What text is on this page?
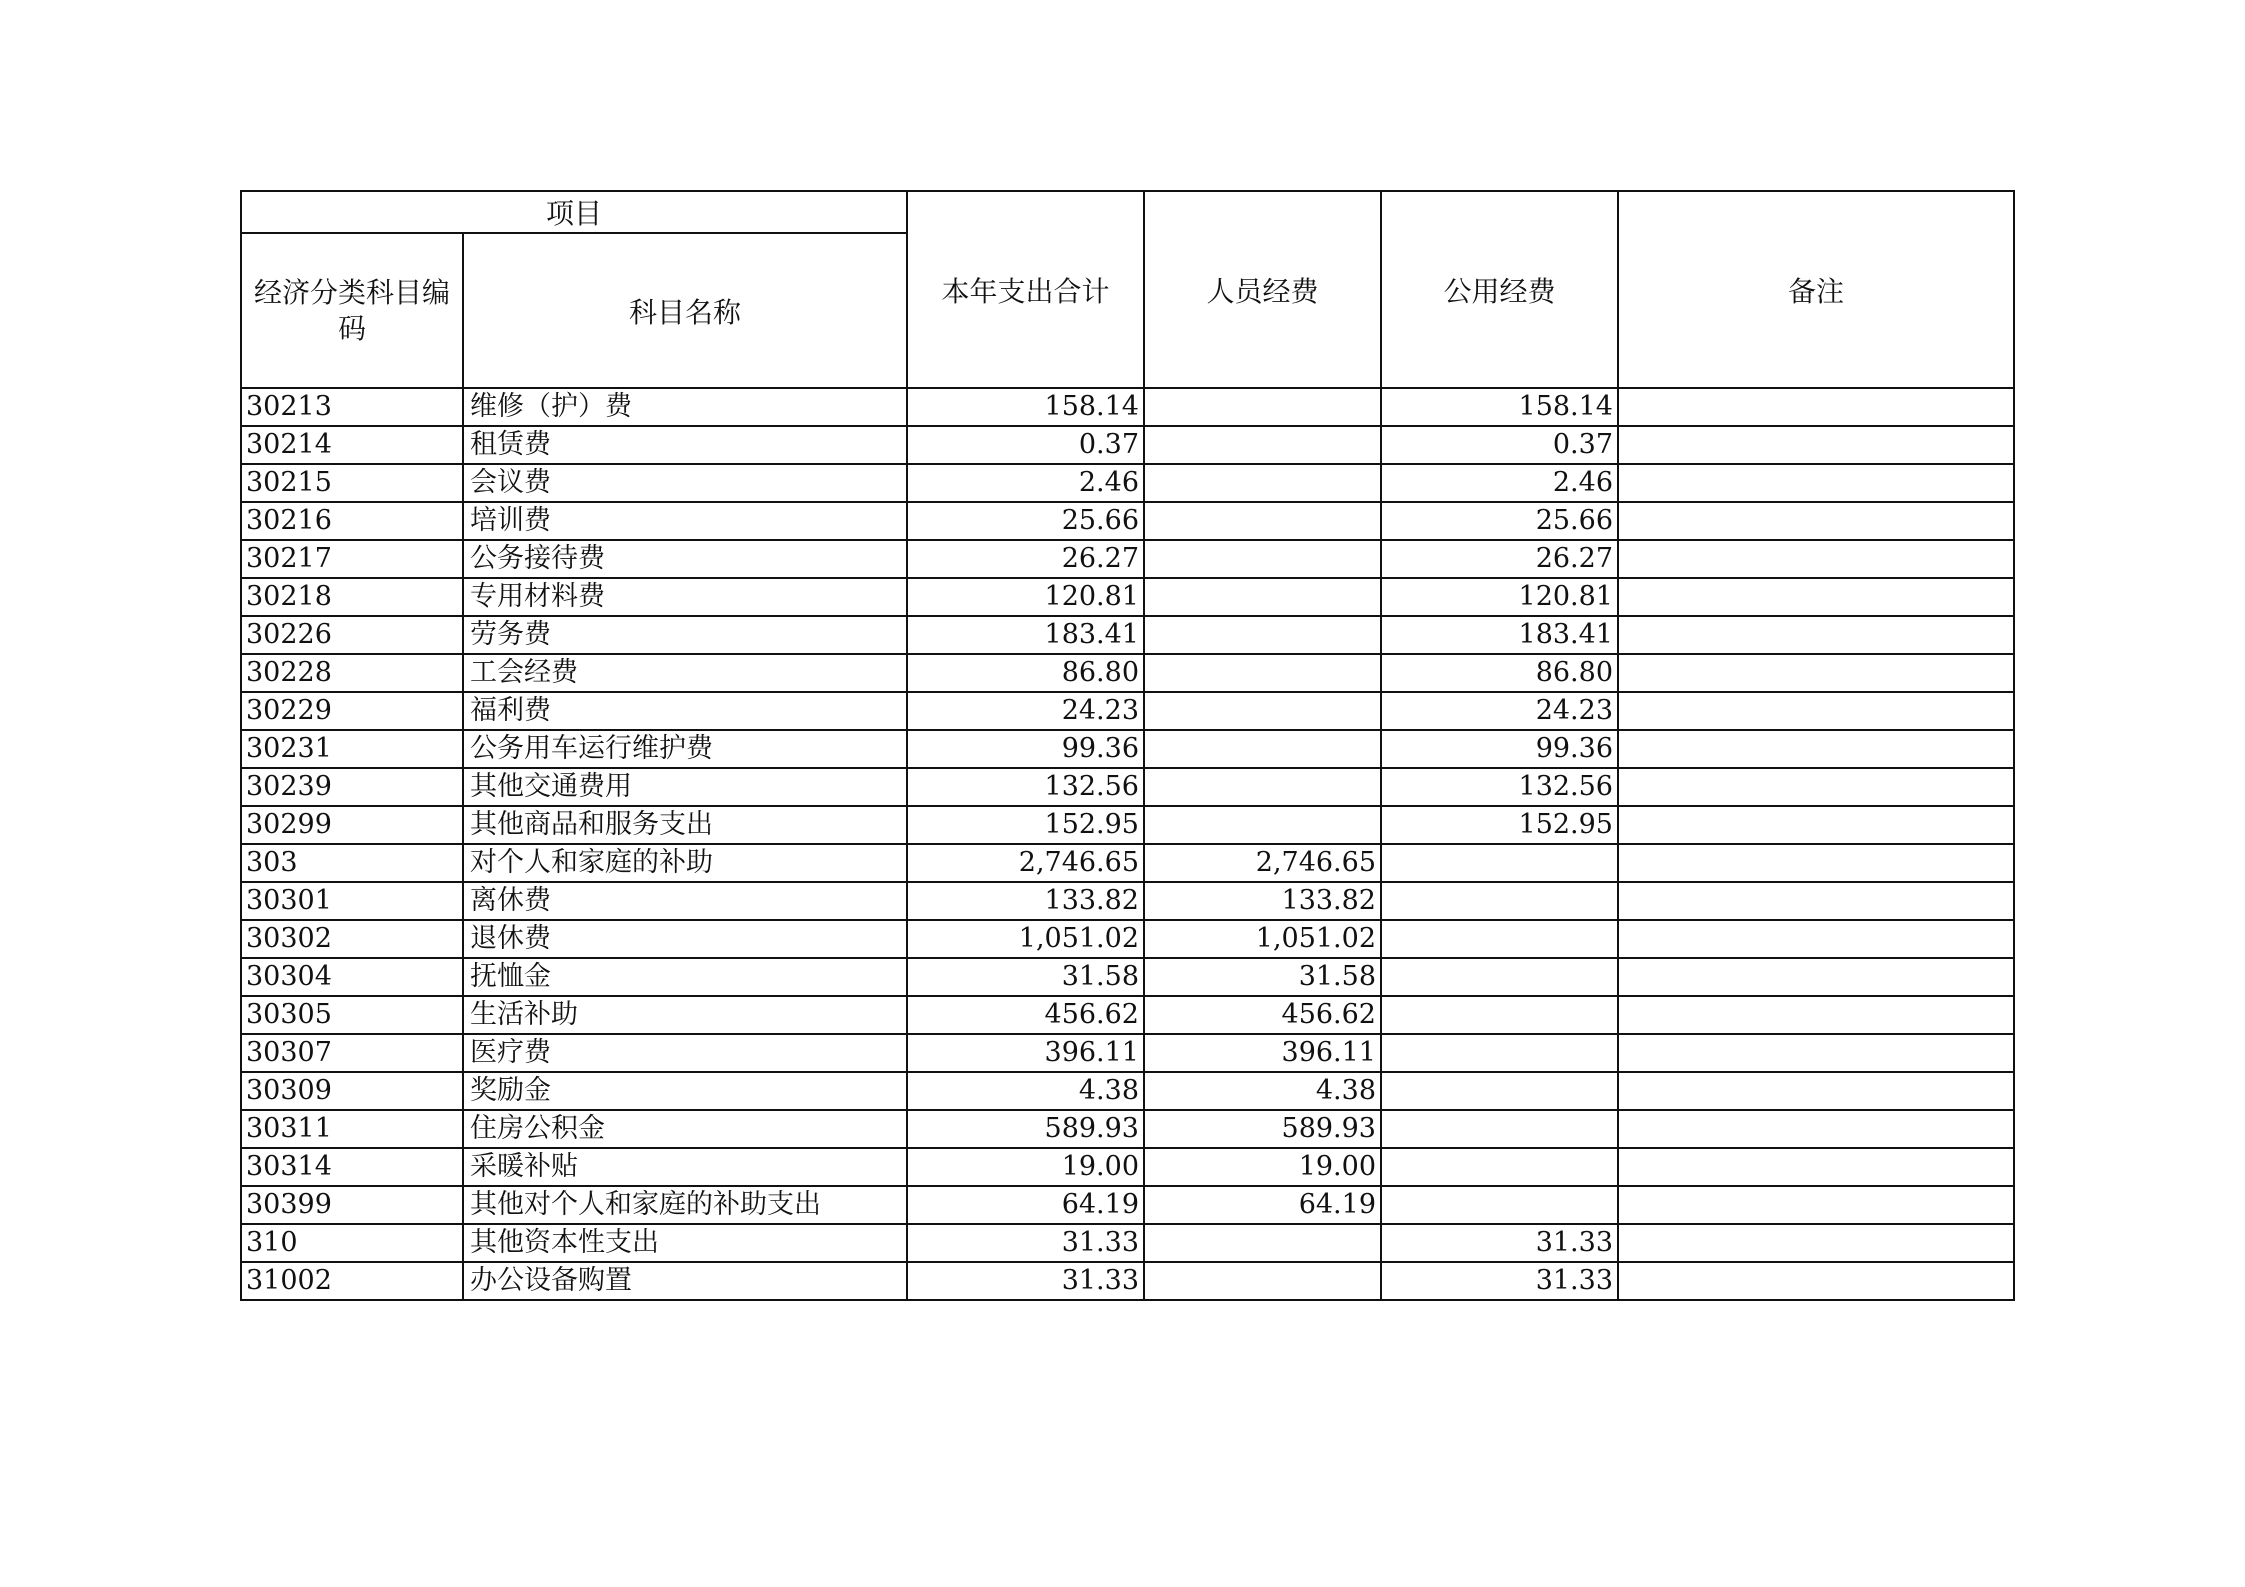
项目		本年支出合计	人员经费	公用经费	备注
经济分类科目编码	科目名称				
30213	维修（护）费	158.14		158.14	
30214	租赁费	0.37		0.37	
30215	会议费	2.46		2.46	
30216	培训费	25.66		25.66	
30217	公务接待费	26.27		26.27	
30218	专用材料费	120.81		120.81	
30226	劳务费	183.41		183.41	
30228	工会经费	86.80		86.80	
30229	福利费	24.23		24.23	
30231	公务用车运行维护费	99.36		99.36	
30239	其他交通费用	132.56		132.56	
30299	其他商品和服务支出	152.95		152.95	
303	对个人和家庭的补助	2,746.65	2,746.65		
30301	离休费	133.82	133.82		
30302	退休费	1,051.02	1,051.02		
30304	抚恤金	31.58	31.58		
30305	生活补助	456.62	456.62		
30307	医疗费	396.11	396.11		
30309	奖励金	4.38	4.38		
30311	住房公积金	589.93	589.93		
30314	采暖补贴	19.00	19.00		
30399	其他对个人和家庭的补助支出	64.19	64.19		
310	其他资本性支出	31.33		31.33	
31002	办公设备购置	31.33		31.33	
